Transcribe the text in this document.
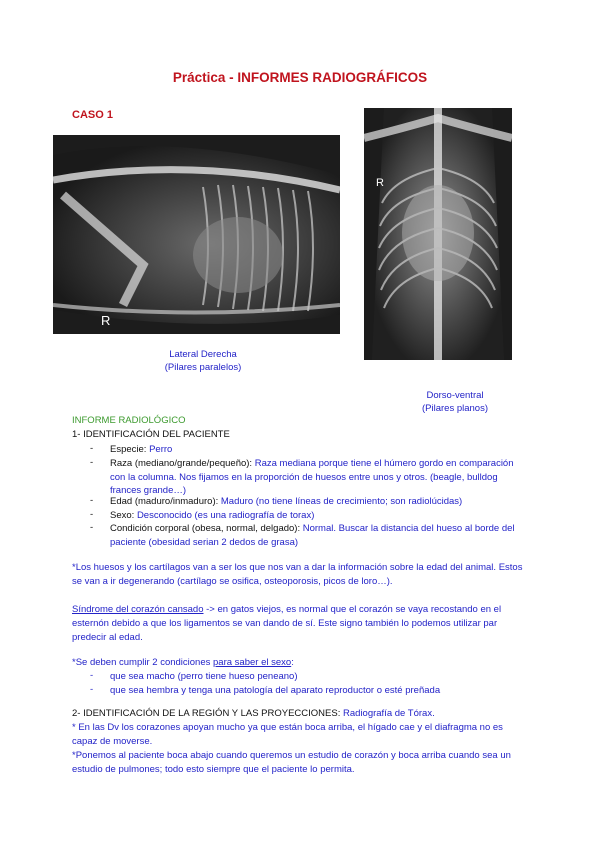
Práctica - INFORMES RADIOGRÁFICOS
CASO 1
R
R
Lateral Derecha
(Pilares paralelos)
Dorso-ventral
(Pilares planos)
INFORME RADIOLÓGICO
1- IDENTIFICACIÓN DEL PACIENTE
- Especie: Perro
- Raza (mediano/grande/pequeño): Raza mediana porque tiene el húmero gordo en comparación con la columna. Nos fijamos en la proporción de huesos entre unos y otros. (beagle, bulldog frances grande…)
- Edad (maduro/inmaduro): Maduro (no tiene líneas de crecimiento; son radiolúcidas)
- Sexo: Desconocido (es una radiografía de torax)
- Condición corporal (obesa, normal, delgado): Normal. Buscar la distancia del hueso al borde del paciente (obesidad serian 2 dedos de grasa)
*Los huesos y los cartílagos van a ser los que nos van a dar la información sobre la edad del animal. Estos se van a ir degenerando (cartílago se osifica, osteoporosis, picos de loro…).
Síndrome del corazón cansado -> en gatos viejos, es normal que el corazón se vaya recostando en el esternón debido a que los ligamentos se van dando de sí. Este signo también lo podemos utilizar par predecir al edad.
*Se deben cumplir 2 condiciones para saber el sexo:
- que sea macho (perro tiene hueso peneano)
- que sea hembra y tenga una patología del aparato reproductor o esté preñada
2- IDENTIFICACIÓN DE LA REGIÓN Y LAS PROYECCIONES: Radiografía de Tórax.
* En las Dv los corazones apoyan mucho ya que están boca arriba, el hígado cae y el diafragma no es capaz de moverse.
*Ponemos al paciente boca abajo cuando queremos un estudio de corazón y boca arriba cuando sea un estudio de pulmones; todo esto siempre que el paciente lo permita.
